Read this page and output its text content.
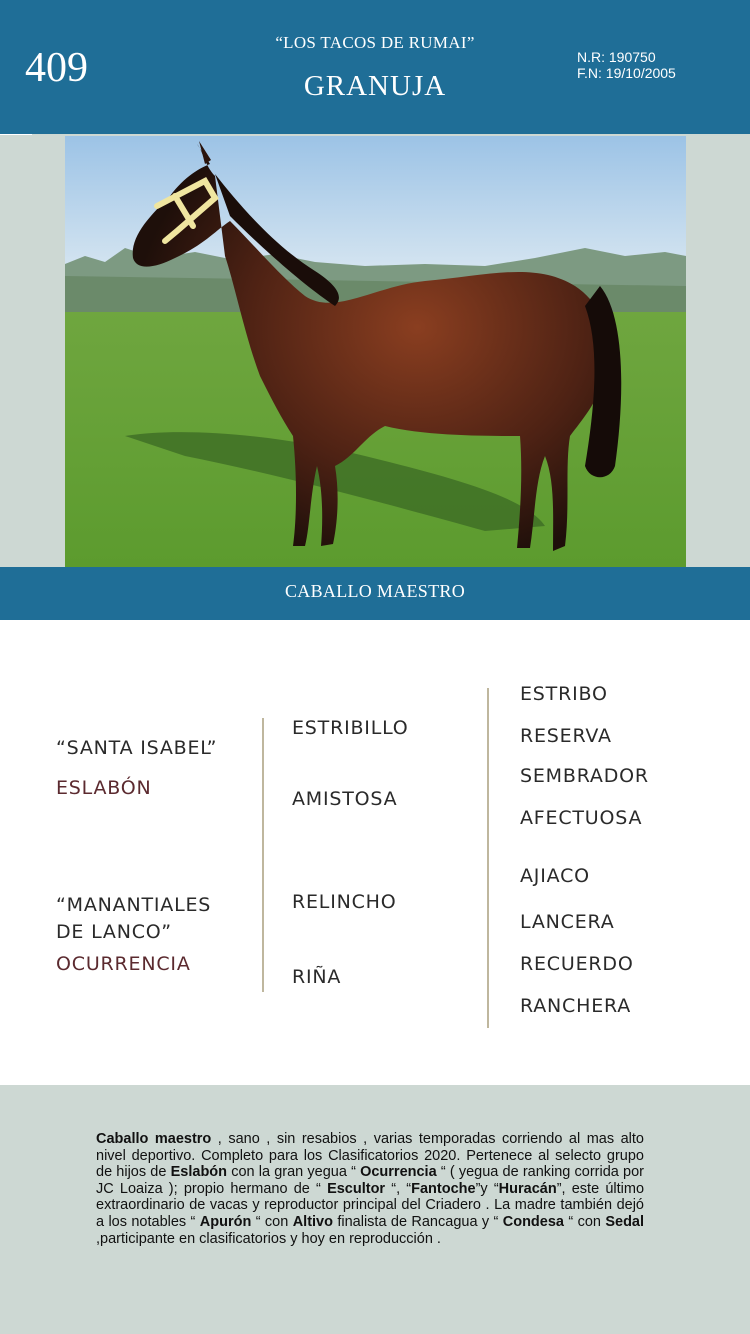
409
“LOS TACOS DE RUMAI”
GRANUJA
N.R: 190750
F.N: 19/10/2005
CABALLO MAESTRO
“SANTA ISABEL”
ESLABÓN
“MANANTIALES
DE LANCO”
OCURRENCIA
ESTRIBILLO
AMISTOSA
RELINCHO
RIÑA
ESTRIBO
RESERVA
SEMBRADOR
AFECTUOSA
AJIACO
LANCERA
RECUERDO
RANCHERA
Caballo maestro , sano , sin resabios , varias temporadas corriendo al mas alto nivel deportivo. Completo para los Clasificatorios 2020. Pertenece al selecto grupo de hijos de Eslabón con la gran yegua “ Ocurrencia “ ( yegua de ranking corrida por JC Loaiza ); propio hermano de “ Escultor “, “Fantoche”y “Huracán”, este último extraordinario de vacas y reproductor principal del Criadero . La madre también dejó a los notables “ Apurón “ con Altivo finalista de Rancagua y “ Condesa “ con Sedal ,participante en clasificatorios y hoy en reproducción .
